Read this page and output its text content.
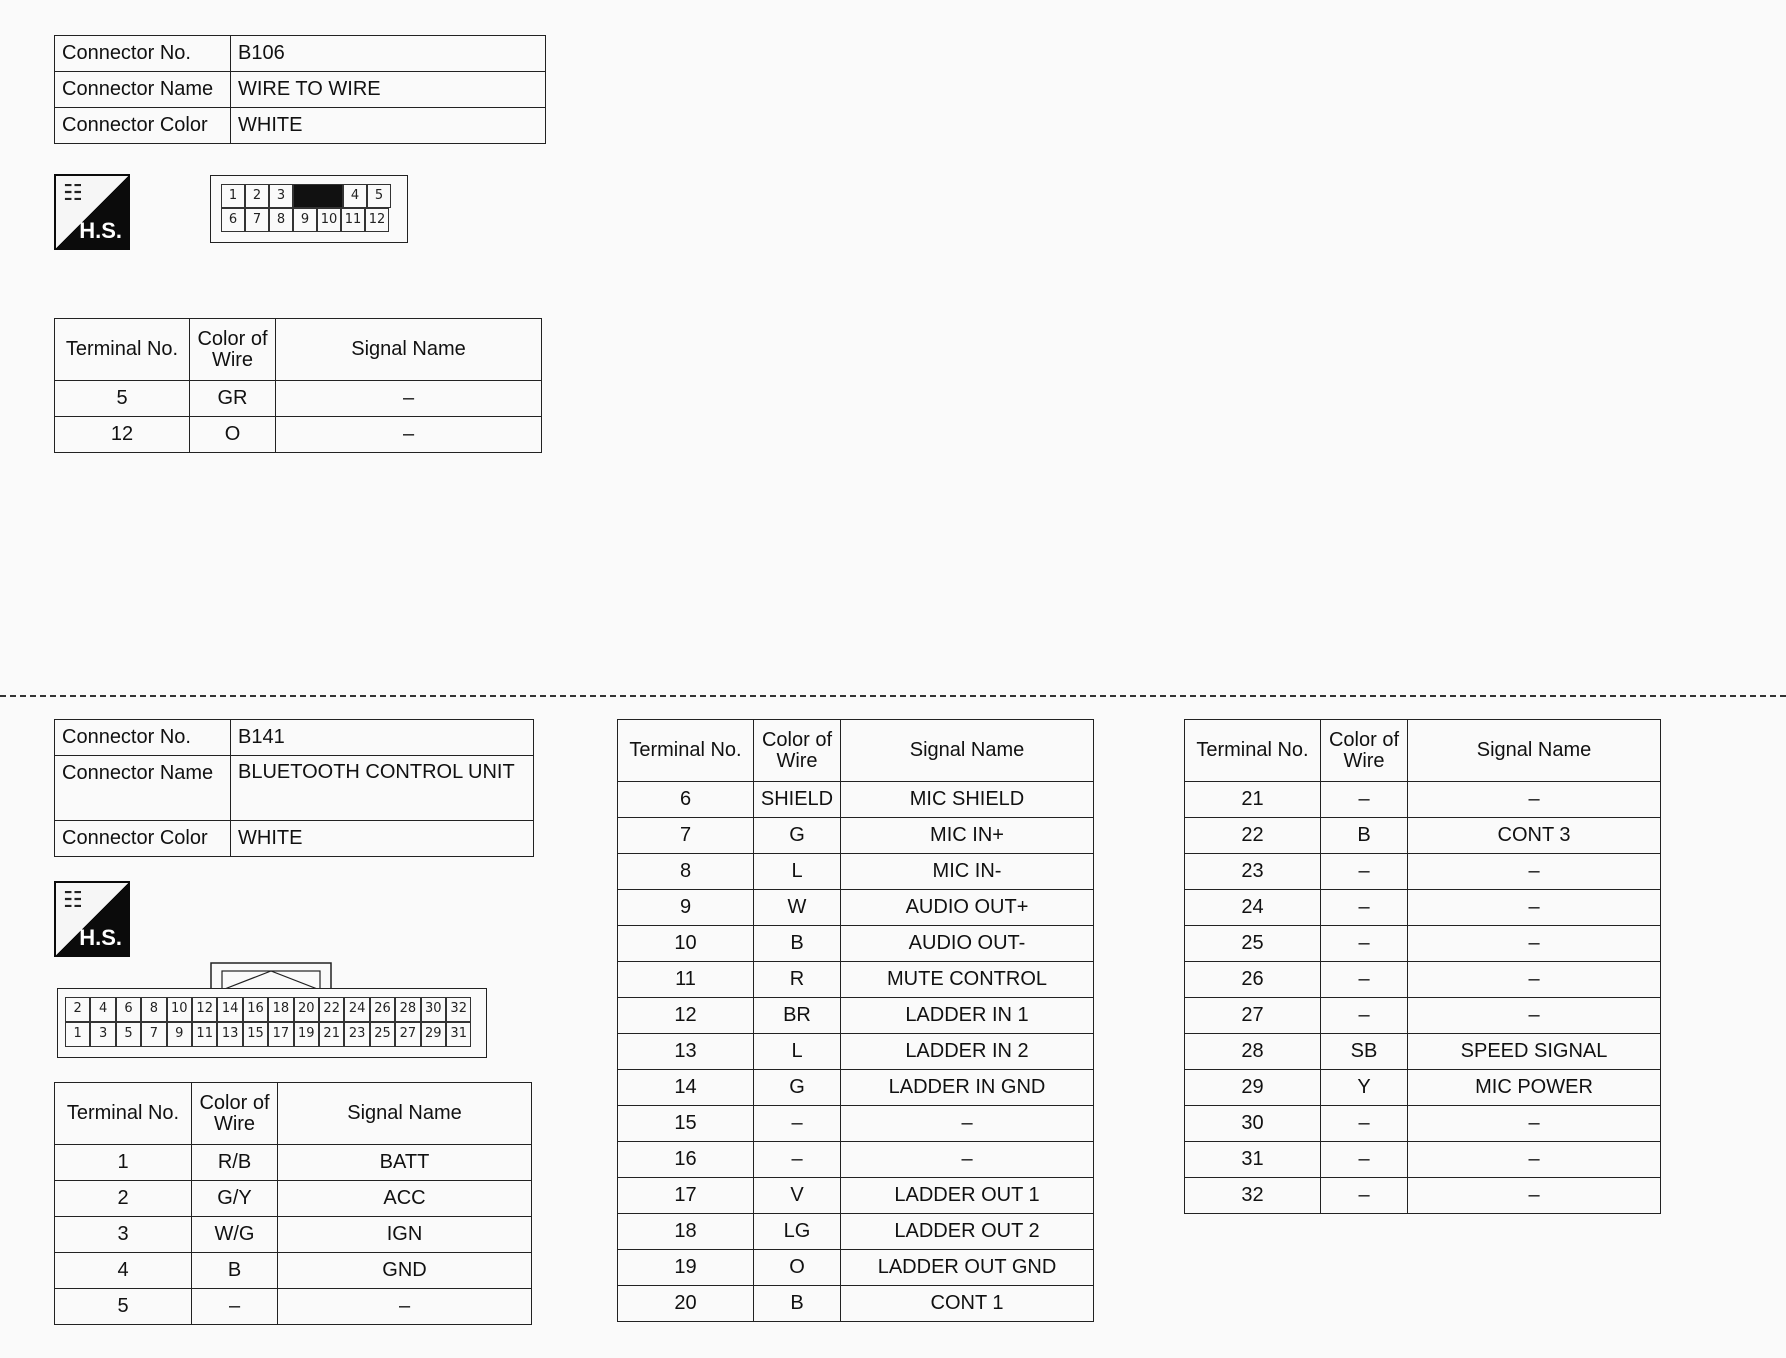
Connector No.	B106
Connector Name	WIRE TO WIRE
Connector Color	WHITE
☷
H.S.
1	2	3	4	5
6	7	8	9 10 11 12
Terminal No.	Color of Wire	Signal Name
5	GR	–
12	O	–
Connector No.	B141
Connector Name	BLUETOOTH CONTROL UNIT
Connector Color	WHITE
☷
H.S.
2	4	6	8	10 12 14 16 18 20 22 24 26 28 30 32
1	3	5	7	9	11 13 15 17 19 21 23 25 27 29 31
Terminal No.	Color of Wire	Signal Name
1	R/B	BATT
2	G/Y	ACC
3	W/G	IGN
4	B	GND
5	–	–
Terminal No.	Color of Wire	Signal Name
6	SHIELD	MIC SHIELD
7	G	MIC IN+
8	L	MIC IN-
9	W	AUDIO OUT+
10	B	AUDIO OUT-
11	R	MUTE CONTROL
12	BR	LADDER IN 1
13	L	LADDER IN 2
14	G	LADDER IN GND
15	–	–
16	–	–
17	V	LADDER OUT 1
18	LG	LADDER OUT 2
19	O	LADDER OUT GND
20	B	CONT 1
Terminal No.	Color of Wire	Signal Name
21	–	–
22	B	CONT 3
23	–	–
24	–	–
25	–	–
26	–	–
27	–	–
28	SB	SPEED SIGNAL
29	Y	MIC POWER
30	–	–
31	–	–
32	–	–
